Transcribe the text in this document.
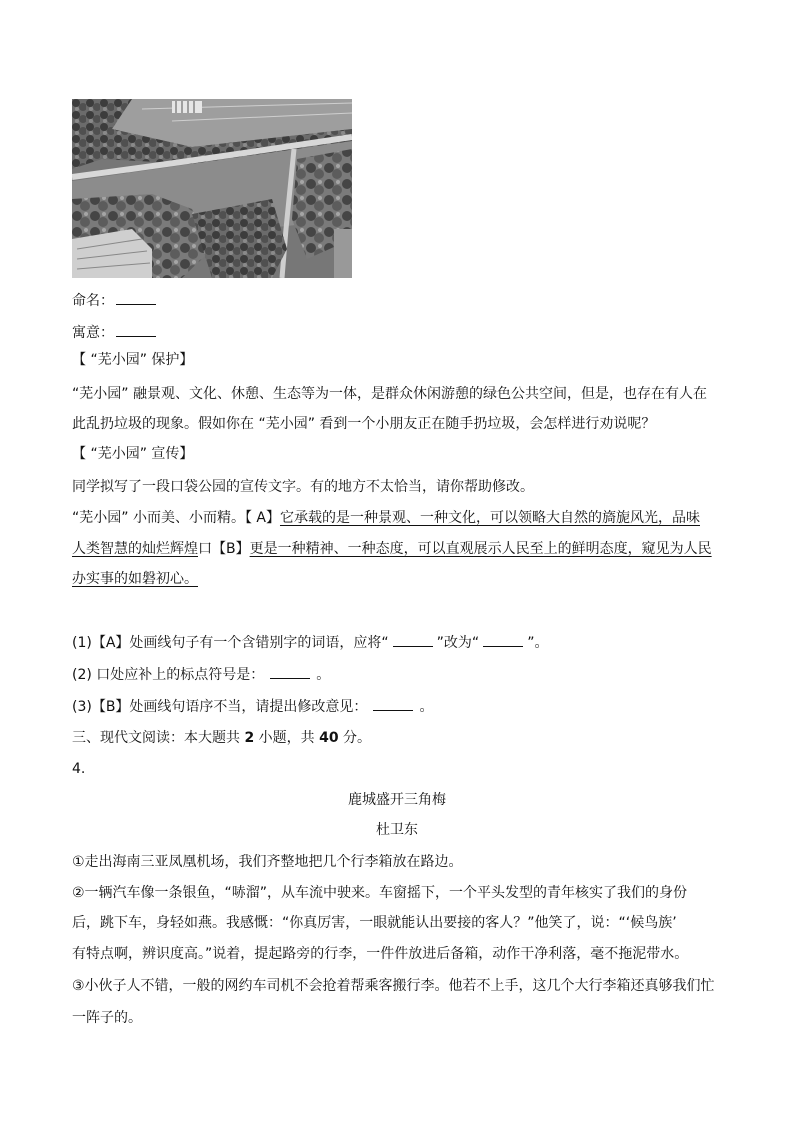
命名：
寓意：
【 “芜小园” 保护】
“芜小园” 融景观、文化、休憩、生态等为一体，是群众休闲游憩的绿色公共空间，但是，也存在有人在
此乱扔垃圾的现象。假如你在 “芜小园” 看到一个小朋友正在随手扔垃圾，会怎样进行劝说呢？
【 “芜小园” 宣传】
同学拟写了一段口袋公园的宣传文字。有的地方不太恰当，请你帮助修改。
“芜小园” 小而美、小而精。【 A】它承载的是一种景观、一种文化，可以领略大自然的旖旎风光，品味
人类智慧的灿烂辉煌口【B】更是一种精神、一种态度，可以直观展示人民至上的鲜明态度，窥见为人民
办实事的如磐初心。
(1)【A】处画线句子有一个含错别字的词语，应将“	”改为“	”。
(2) 口处应补上的标点符号是：	。
(3)【B】处画线句语序不当，请提出修改意见：	。
三、现代文阅读：本大题共 2 小题，共 40 分。
4.
鹿城盛开三角梅
杜卫东
①走出海南三亚凤凰机场，我们齐整地把几个行李箱放在路边。
②一辆汽车像一条银鱼，“哧溜”，从车流中驶来。车窗摇下，一个平头发型的青年核实了我们的身份
后，跳下车，身轻如燕。我感慨：“你真厉害，一眼就能认出要接的客人？”他笑了，说：“‘候鸟族’
有特点啊，辨识度高。”说着，提起路旁的行李，一件件放进后备箱，动作干净利落，毫不拖泥带水。
③小伙子人不错，一般的网约车司机不会抢着帮乘客搬行李。他若不上手，这几个大行李箱还真够我们忙
一阵子的。
